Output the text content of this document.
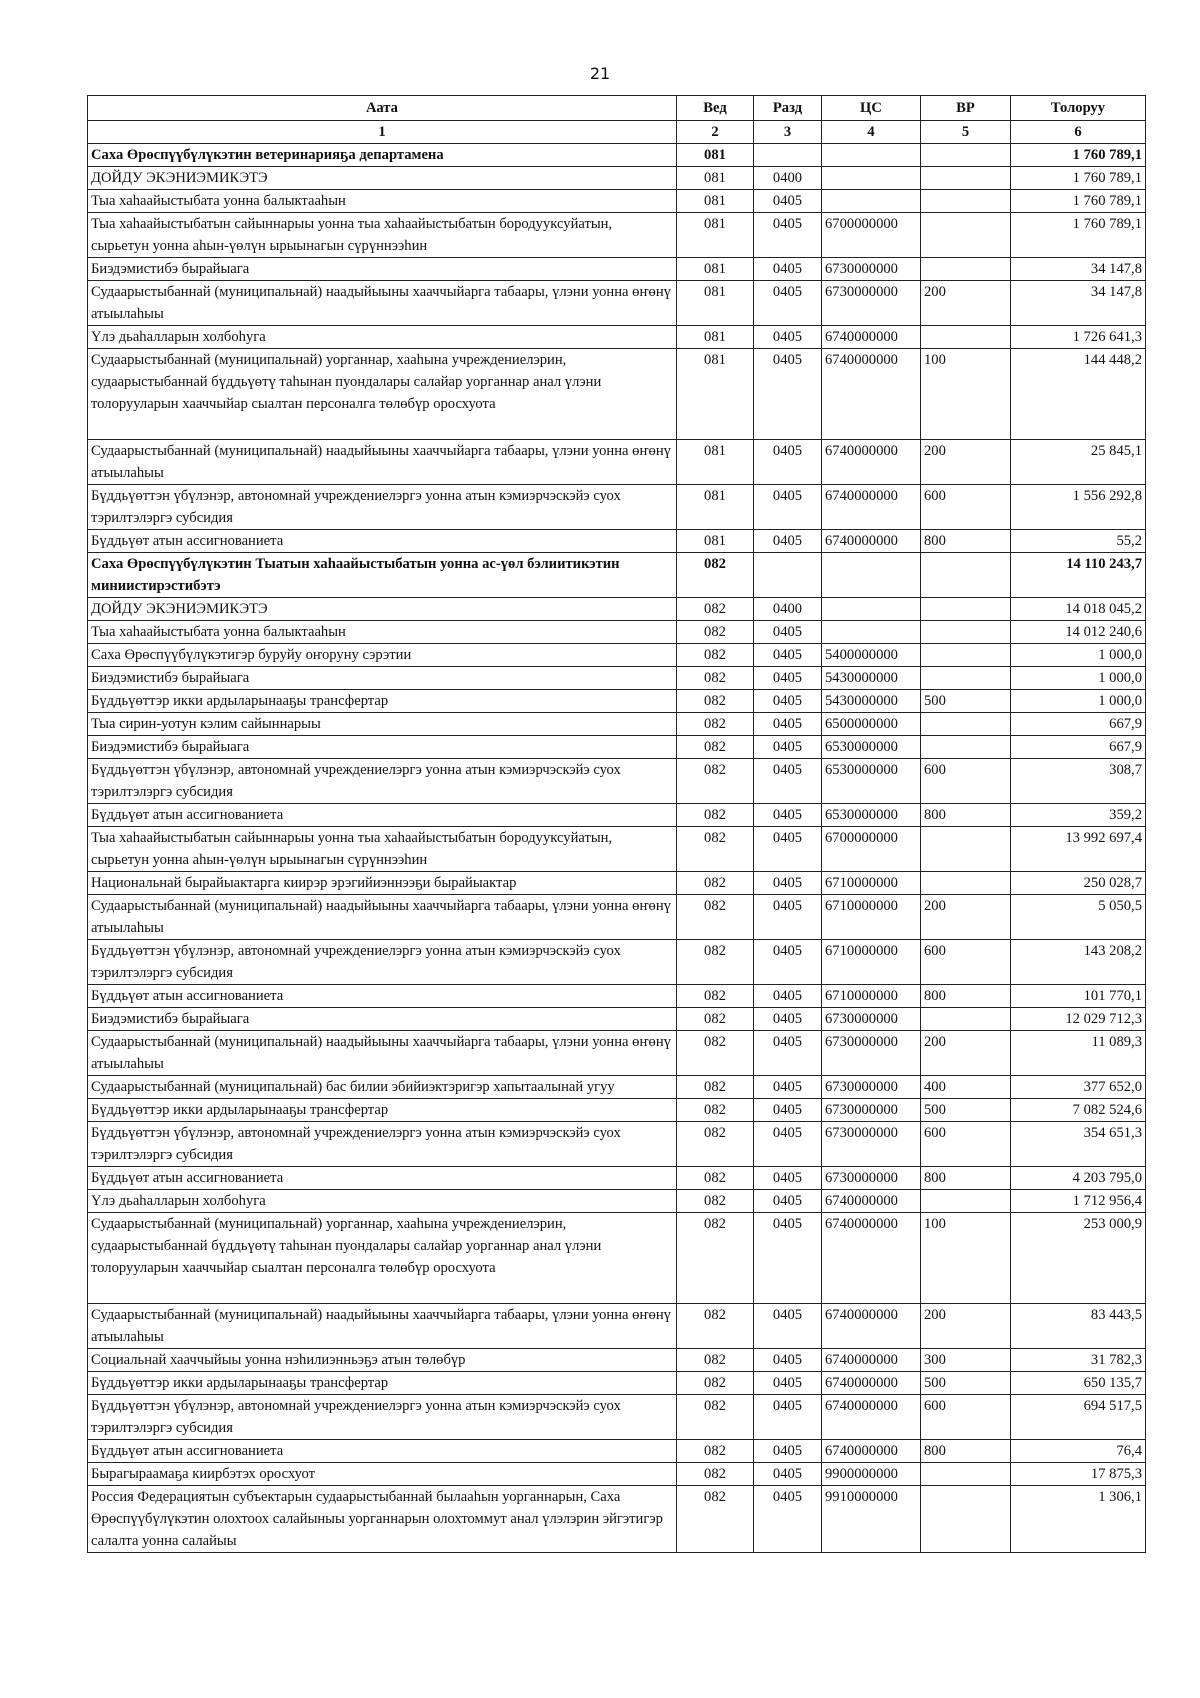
21
Аата	Вед	Разд	ЦС	ВР	Толоруу
1	2	3	4	5	6
Саха Өрөспүүбүлүкэтин ветеринарияҕа департамена	081				1 760 789,1
ДОЙДУ ЭКЭНИЭМИКЭТЭ	081	0400			1 760 789,1
Тыа хаһаайыстыбата уонна балыктааһын	081	0405			1 760 789,1
Тыа хаһаайыстыбатын сайыннарыы уонна тыа хаһаайыстыбатын бородууксуйатын, сырьетун уонна аһын-үөлүн ырыынагын сүрүннээһин	081	0405	6700000000		1 760 789,1
Биэдэмистибэ бырайыага	081	0405	6730000000		34 147,8
Судаарыстыбаннай (муниципальнай) наадыйыыны хааччыйарга табаары, үлэни уонна өҥөнү атыылаһыы	081	0405	6730000000	200	34 147,8
Үлэ дьаһалларын холбоһуга	081	0405	6740000000		1 726 641,3
Судаарыстыбаннай (муниципальнай) уорганнар, хааһына учреждениелэрин, судаарыстыбаннай бүддьүөтү таһынан пуондалары салайар уорганнар анал үлэни толорууларын хааччыйар сыалтан персоналга төлөбүр оросхуота	081	0405	6740000000	100	144 448,2
Судаарыстыбаннай (муниципальнай) наадыйыыны хааччыйарга табаары, үлэни уонна өҥөнү атыылаһыы	081	0405	6740000000	200	25 845,1
Бүддьүөттэн үбүлэнэр, автономнай учреждениелэргэ уонна атын кэмиэрчэскэйэ суох тэрилтэлэргэ субсидия	081	0405	6740000000	600	1 556 292,8
Бүддьүөт атын ассигнованиета	081	0405	6740000000	800	55,2
Саха Өрөспүүбүлүкэтин Тыатын хаһаайыстыбатын уонна ас-үөл бэлиитикэтин миниистирэстибэтэ	082				14 110 243,7
ДОЙДУ ЭКЭНИЭМИКЭТЭ	082	0400			14 018 045,2
Тыа хаһаайыстыбата уонна балыктааһын	082	0405			14 012 240,6
Саха Өрөспүүбүлүкэтигэр буруйу оҥоруну сэрэтии	082	0405	5400000000		1 000,0
Биэдэмистибэ бырайыага	082	0405	5430000000		1 000,0
Бүддьүөттэр икки ардыларынааҕы трансфертар	082	0405	5430000000	500	1 000,0
Тыа сирин-уотун кэлим сайыннарыы	082	0405	6500000000		667,9
Биэдэмистибэ бырайыага	082	0405	6530000000		667,9
Бүддьүөттэн үбүлэнэр, автономнай учреждениелэргэ уонна атын кэмиэрчэскэйэ суох тэрилтэлэргэ субсидия	082	0405	6530000000	600	308,7
Бүддьүөт атын ассигнованиета	082	0405	6530000000	800	359,2
Тыа хаһаайыстыбатын сайыннарыы уонна тыа хаһаайыстыбатын бородууксуйатын, сырьетун уонна аһын-үөлүн ырыынагын сүрүннээһин	082	0405	6700000000		13 992 697,4
Национальнай бырайыактарга киирэр эрэгийиэннээҕи бырайыактар	082	0405	6710000000		250 028,7
Судаарыстыбаннай (муниципальнай) наадыйыыны хааччыйарга табаары, үлэни уонна өҥөнү атыылаһыы	082	0405	6710000000	200	5 050,5
Бүддьүөттэн үбүлэнэр, автономнай учреждениелэргэ уонна атын кэмиэрчэскэйэ суох тэрилтэлэргэ субсидия	082	0405	6710000000	600	143 208,2
Бүддьүөт атын ассигнованиета	082	0405	6710000000	800	101 770,1
Биэдэмистибэ бырайыага	082	0405	6730000000		12 029 712,3
Судаарыстыбаннай (муниципальнай) наадыйыыны хааччыйарга табаары, үлэни уонна өҥөнү атыылаһыы	082	0405	6730000000	200	11 089,3
Судаарыстыбаннай (муниципальнай) бас билии эбийиэктэригэр хапытаалынай угуу	082	0405	6730000000	400	377 652,0
Бүддьүөттэр икки ардыларынааҕы трансфертар	082	0405	6730000000	500	7 082 524,6
Бүддьүөттэн үбүлэнэр, автономнай учреждениелэргэ уонна атын кэмиэрчэскэйэ суох тэрилтэлэргэ субсидия	082	0405	6730000000	600	354 651,3
Бүддьүөт атын ассигнованиета	082	0405	6730000000	800	4 203 795,0
Үлэ дьаһалларын холбоһуга	082	0405	6740000000		1 712 956,4
Судаарыстыбаннай (муниципальнай) уорганнар, хааһына учреждениелэрин, судаарыстыбаннай бүддьүөтү таһынан пуондалары салайар уорганнар анал үлэни толорууларын хааччыйар сыалтан персоналга төлөбүр оросхуота	082	0405	6740000000	100	253 000,9
Судаарыстыбаннай (муниципальнай) наадыйыыны хааччыйарга табаары, үлэни уонна өҥөнү атыылаһыы	082	0405	6740000000	200	83 443,5
Социальнай хааччыйыы уонна нэһилиэнньэҕэ атын төлөбүр	082	0405	6740000000	300	31 782,3
Бүддьүөттэр икки ардыларынааҕы трансфертар	082	0405	6740000000	500	650 135,7
Бүддьүөттэн үбүлэнэр, автономнай учреждениелэргэ уонна атын кэмиэрчэскэйэ суох тэрилтэлэргэ субсидия	082	0405	6740000000	600	694 517,5
Бүддьүөт атын ассигнованиета	082	0405	6740000000	800	76,4
Бырагыраамаҕа киирбэтэх оросхуот	082	0405	9900000000		17 875,3
Россия Федерациятын субъектарын судаарыстыбаннай былааһын уорганнарын, Саха Өрөспүүбүлүкэтин олохтоох салайыныы уорганнарын олохтоммут анал үлэлэрин эйгэтигэр салалта уонна салайыы	082	0405	9910000000		1 306,1
